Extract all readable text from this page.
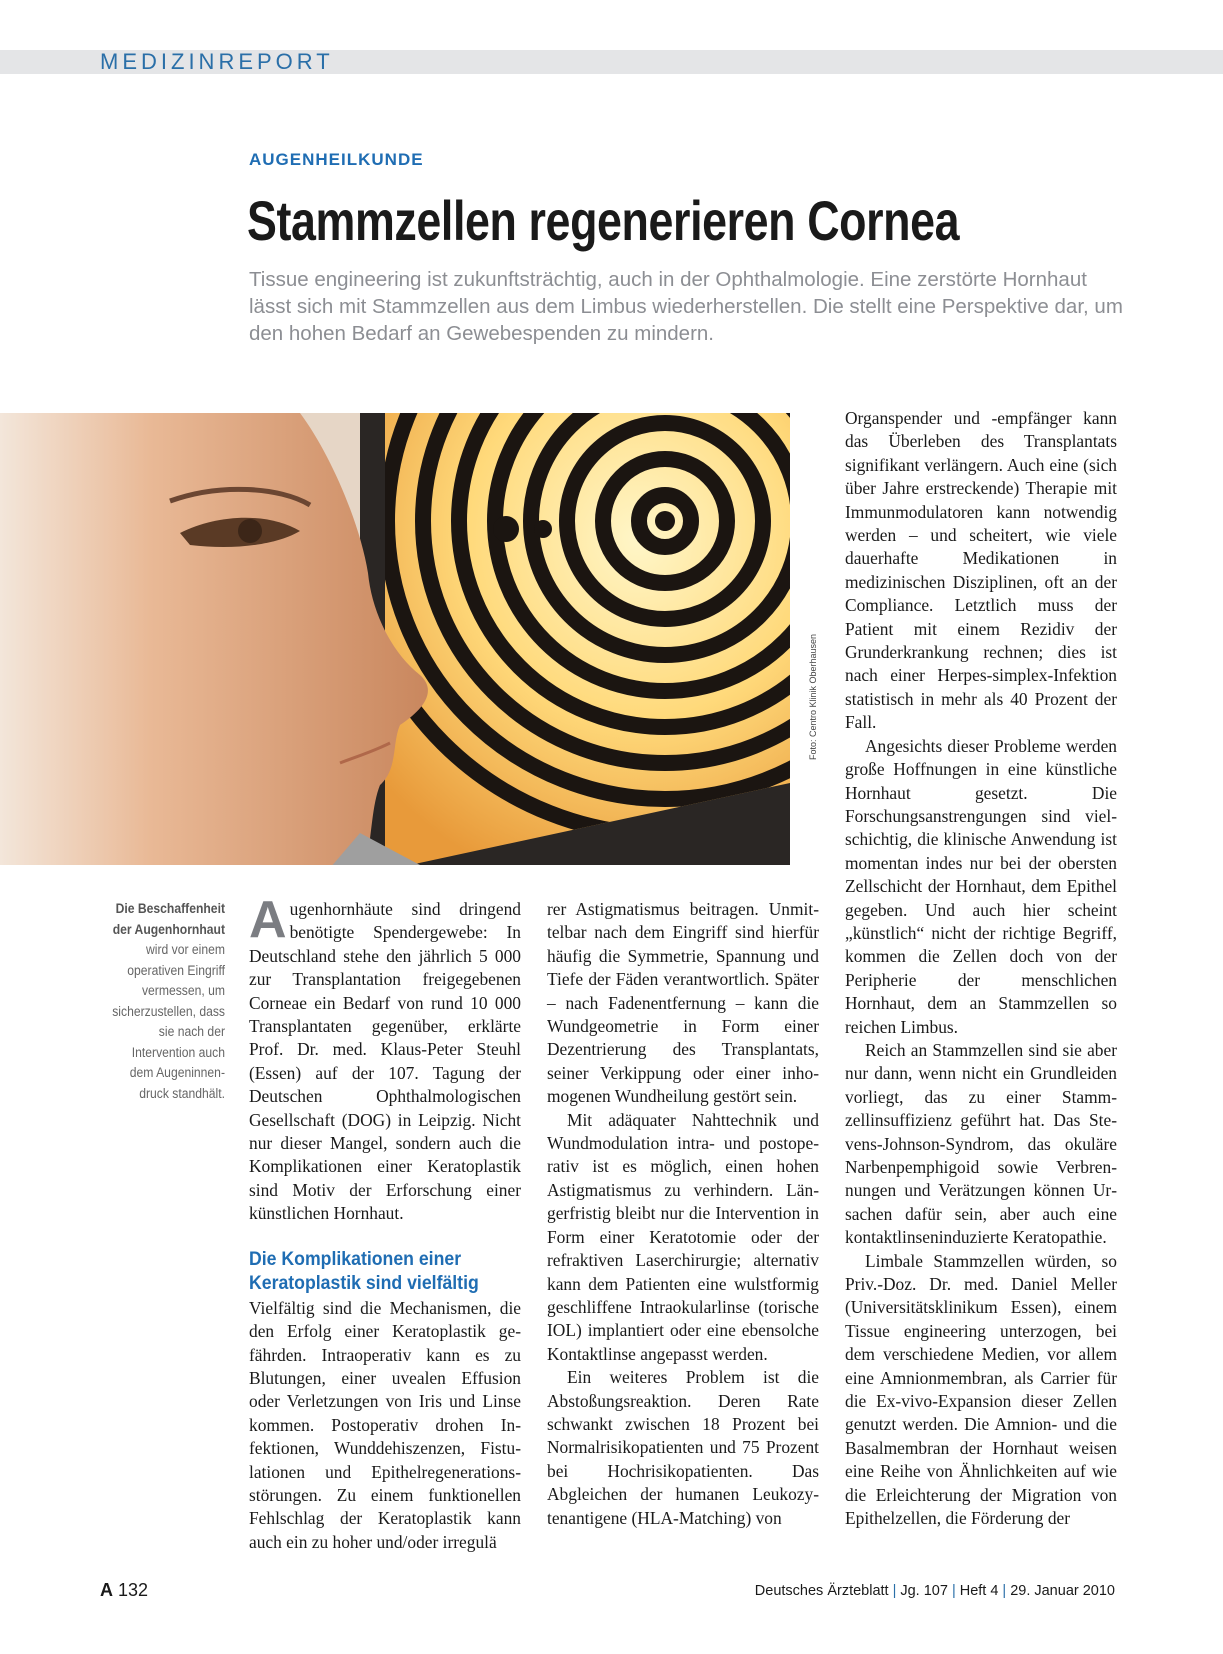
MEDIZINREPORT
AUGENHEILKUNDE
Stammzellen regenerieren Cornea

Tissue engineering ist zukunftsträchtig, auch in der Ophthalmologie. Eine zerstörte Hornhaut lässt sich mit Stammzellen aus dem Limbus wiederherstellen. Die stellt eine Perspektive dar, um den hohen Bedarf an Gewebespenden zu mindern.

Foto: Centro Klinik Oberhausen
Die Beschaffenheit der Augenhornhaut wird vor einem operativen Eingriff vermessen, um sicherzustellen, dass sie nach der Intervention auch dem Augeninnendruck standhält.

Augenhornhäute sind dringend benötigte Spendergewebe: In Deutschland stehe den jährlich 5 000 zur Transplantation freigegebenen Corneae ein Bedarf von rund 10 000 Transplantaten gegenüber, erklärte Prof. Dr. med. Klaus-Peter Steuhl (Essen) auf der 107. Tagung der Deutschen Ophthalmologischen Gesellschaft (DOG) in Leipzig. Nicht nur dieser Mangel, sondern auch die Komplikationen einer Keratoplastik sind Motiv der Erforschung einer künstlichen Hornhaut.

Die Komplikationen einer Keratoplastik sind vielfältig

Vielfältig sind die Mechanismen, die den Erfolg einer Keratoplastik gefährden. Intraoperativ kann es zu Blutungen, einer uvealen Effusion oder Verletzungen von Iris und Linse kommen. Postoperativ drohen Infektionen, Wunddehiszenzen, Fistulationen und Epithelregenerationsstörungen. Zu einem funktionellen Fehlschlag der Keratoplastik kann auch ein zu hoher und/oder irregulä

rer Astigmatismus beitragen. Unmittelbar nach dem Eingriff sind hierfür häufig die Symmetrie, Spannung und Tiefe der Fäden verantwortlich. Später – nach Fadenentfernung – kann die Wundgeometrie in Form einer Dezentrierung des Transplantats, seiner Verkippung oder einer inhomogenen Wundheilung gestört sein.

Mit adäquater Nahttechnik und Wundmodulation intra- und postoperativ ist es möglich, einen hohen Astigmatismus zu verhindern. Längerfristig bleibt nur die Intervention in Form einer Keratotomie oder der refraktiven Laserchirurgie; alternativ kann dem Patienten eine wulstformig geschliffene Intraokularlinse (torische IOL) implantiert oder eine ebensolche Kontaktlinse angepasst werden.

Ein weiteres Problem ist die Abstoßungsreaktion. Deren Rate schwankt zwischen 18 Prozent bei Normalrisikopatienten und 75 Prozent bei Hochrisikopatienten. Das Abgleichen der humanen Leukozytenantigene (HLA-Matching) von

Organspender und -empfänger kann das Überleben des Transplantats signifikant verlängern. Auch eine (sich über Jahre erstreckende) Therapie mit Immunmodulatoren kann notwendig werden – und scheitert, wie viele dauerhafte Medikationen in medizinischen Disziplinen, oft an der Compliance. Letztlich muss der Patient mit einem Rezidiv der Grunderkrankung rechnen; dies ist nach einer Herpes-simplex-Infektion statistisch in mehr als 40 Prozent der Fall.

Angesichts dieser Probleme werden große Hoffnungen in eine künstliche Hornhaut gesetzt. Die Forschungsanstrengungen sind vielschichtig, die klinische Anwendung ist momentan indes nur bei der obersten Zellschicht der Hornhaut, dem Epithel gegeben. Und auch hier scheint „künstlich“ nicht der richtige Begriff, kommen die Zellen doch von der Peripherie der menschlichen Hornhaut, dem an Stammzellen so reichen Limbus.

Reich an Stammzellen sind sie aber nur dann, wenn nicht ein Grundleiden vorliegt, das zu einer Stammzellinsuffizienz geführt hat. Das Stevens-Johnson-Syndrom, das okuläre Narbenpemphigoid sowie Verbrennungen und Verätzungen können Ursachen dafür sein, aber auch eine kontaktlinseninduzierte Keratopathie.

Limbale Stammzellen würden, so Priv.-Doz. Dr. med. Daniel Meller (Universitätsklinikum Essen), einem Tissue engineering unterzogen, bei dem verschiedene Medien, vor allem eine Amnionmembran, als Carrier für die Ex-vivo-Expansion dieser Zellen genutzt werden. Die Amnion- und die Basalmembran der Hornhaut weisen eine Reihe von Ähnlichkeiten auf wie die Erleichterung der Migration von Epithelzellen, die Förderung der

A 132	Deutsches Ärzteblatt | Jg. 107 | Heft 4 | 29. Januar 2010
